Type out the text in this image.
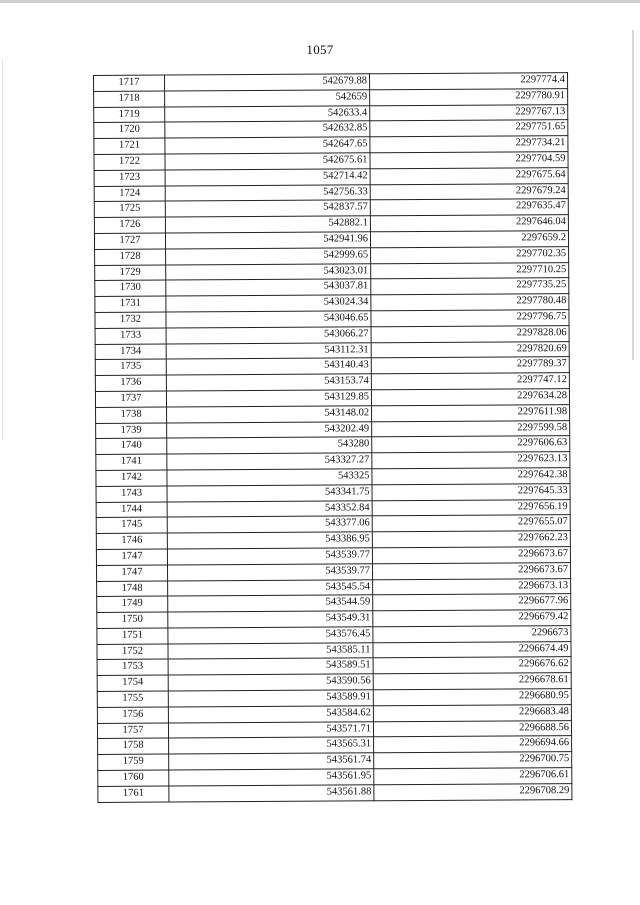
1057
1717	542679.88	2297774.4
1718	542659	2297780.91
1719	542633.4	2297767.13
1720	542632.85	2297751.65
1721	542647.65	2297734.21
1722	542675.61	2297704.59
1723	542714.42	2297675.64
1724	542756.33	2297679.24
1725	542837.57	2297635.47
1726	542882.1	2297646.04
1727	542941.96	2297659.2
1728	542999.65	2297702.35
1729	543023.01	2297710.25
1730	543037.81	2297735.25
1731	543024.34	2297780.48
1732	543046.65	2297796.75
1733	543066.27	2297828.06
1734	543112.31	2297820.69
1735	543140.43	2297789.37
1736	543153.74	2297747.12
1737	543129.85	2297634.28
1738	543148.02	2297611.98
1739	543202.49	2297599.58
1740	543280	2297606.63
1741	543327.27	2297623.13
1742	543325	2297642.38
1743	543341.75	2297645.33
1744	543352.84	2297656.19
1745	543377.06	2297655.07
1746	543386.95	2297662.23
1747	543539.77	2296673.67
1747	543539.77	2296673.67
1748	543545.54	2296673.13
1749	543544.59	2296677.96
1750	543549.31	2296679.42
1751	543576.45	2296673
1752	543585.11	2296674.49
1753	543589.51	2296676.62
1754	543590.56	2296678.61
1755	543589.91	2296680.95
1756	543584.62	2296683.48
1757	543571.71	2296688.56
1758	543565.31	2296694.66
1759	543561.74	2296700.75
1760	543561.95	2296706.61
1761	543561.88	2296708.29
